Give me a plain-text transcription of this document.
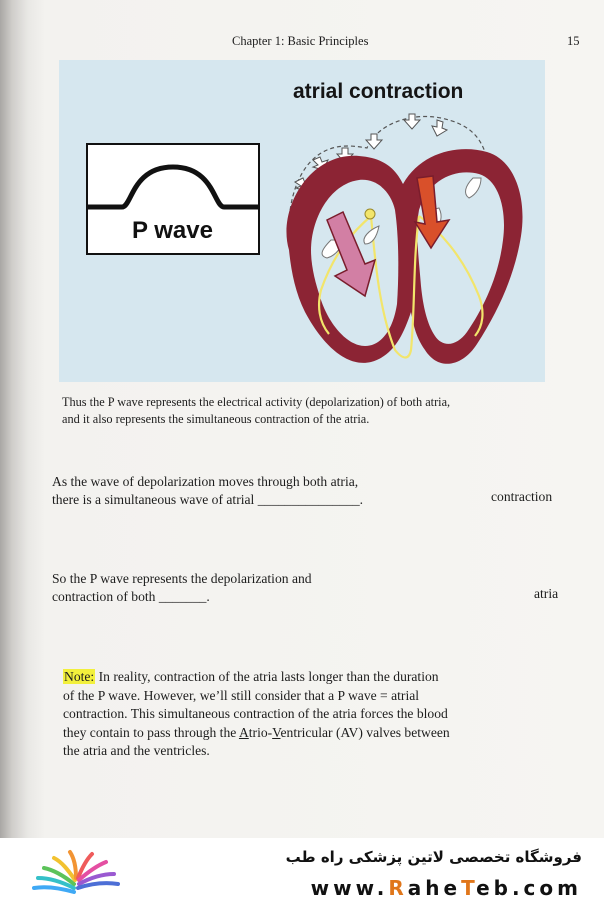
Chapter 1: Basic Principles	15
atrial contraction
P wave
Thus the P wave represents the electrical activity (depolarization) of both atria,
and it also represents the simultaneous contraction of the atria.
As the wave of depolarization moves through both atria,
there is a simultaneous wave of atrial _______________.	contraction
So the P wave represents the depolarization and
contraction of both _______.	atria
Note: In reality, contraction of the atria lasts longer than the duration
of the P wave. However, we’ll still consider that a P wave = atrial
contraction. This simultaneous contraction of the atria forces the blood
they contain to pass through the Atrio-Ventricular (AV) valves between
the atria and the ventricles.
فروشگاه تخصصی لاتین پزشکی راه طب
www.RaheTeb.com
